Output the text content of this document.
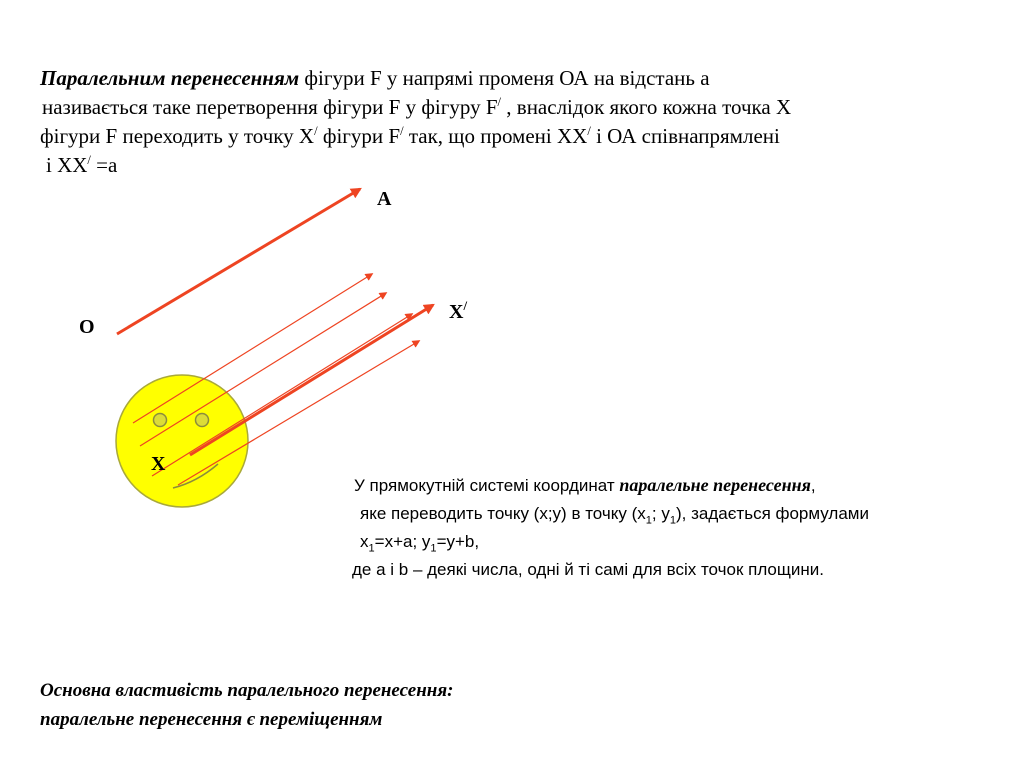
Паралельним перенесенням фігури F у напрямі променя ОА на відстань а

називається таке перетворення фігури F у фігуру F/ , внаслідок якого кожна точка Х

фігури F переходить у точку Х/ фігури F/ так, що промені ХХ/ і ОА співнапрямлені

і ХХ/ =а

А
О
Х
Х/

У прямокутній системі координат паралельне перенесення,

яке переводить точку (х;у) в точку ($х_1$; $у_1$), задається формулами

$х_1=х+а$; $у_1=у+b$,

де а і b – деякі числа, одні й ті самі для всіх точок площини.

Основна властивість паралельного перенесення:

паралельне перенесення є переміщенням
